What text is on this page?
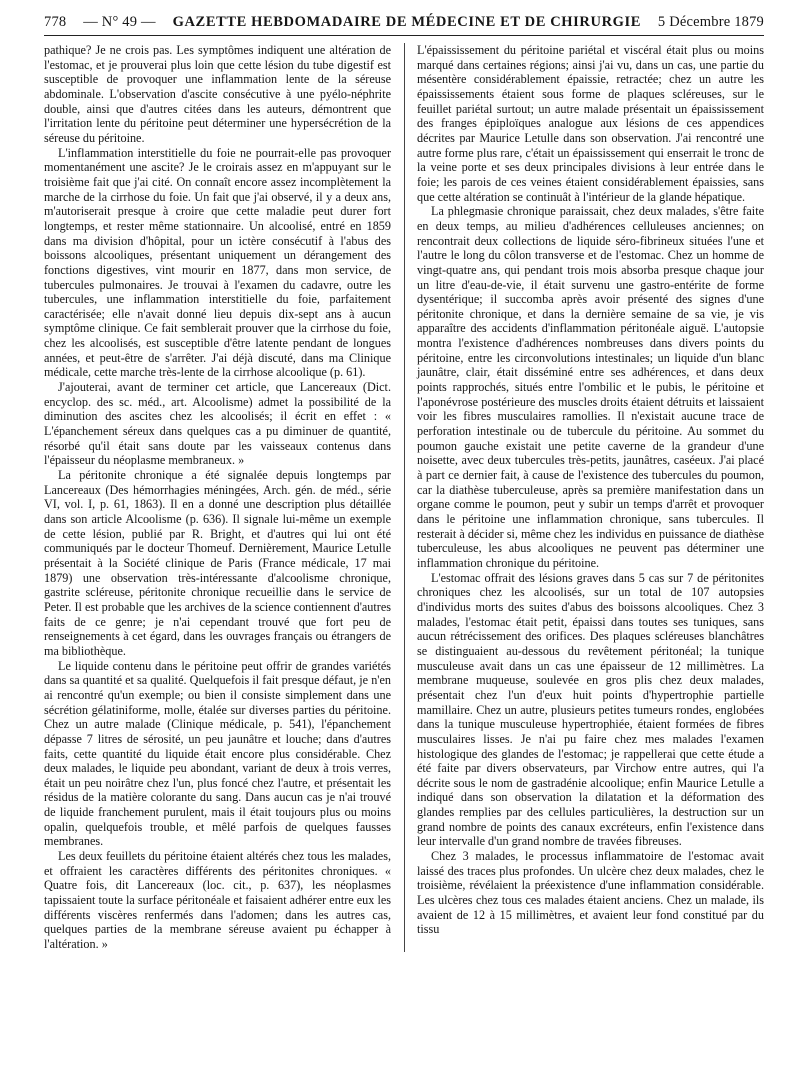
778 — N° 49 — GAZETTE HEBDOMADAIRE DE MÉDECINE ET DE CHIRURGIE 5 Décembre 1879

pathique? Je ne crois pas. Les symptômes indiquent une altération de l'estomac, et je prouverai plus loin que cette lésion du tube digestif est susceptible de provoquer une inflammation lente de la séreuse abdominale. L'observation d'ascite consécutive à une pyélo-néphrite double, ainsi que d'autres citées dans les auteurs, démontrent que l'irritation lente du péritoine peut déterminer une hypersécrétion de la séreuse du péritoine.

L'inflammation interstitielle du foie ne pourrait-elle pas provoquer momentanément une ascite? Je le croirais assez en m'appuyant sur le troisième fait que j'ai cité. On connaît encore assez incomplètement la marche de la cirrhose du foie. Un fait que j'ai observé, il y a deux ans, m'autoriserait presque à croire que cette maladie peut durer fort longtemps, et rester même stationnaire. Un alcoolisé, entré en 1859 dans ma division d'hôpital, pour un ictère consécutif à l'abus des boissons alcooliques, présentant uniquement un dérangement des fonctions digestives, vint mourir en 1877, dans mon service, de tubercules pulmonaires. Je trouvai à l'examen du cadavre, outre les tubercules, une inflammation interstitielle du foie, parfaitement caractérisée; elle n'avait donné lieu depuis dix-sept ans à aucun symptôme clinique. Ce fait semblerait prouver que la cirrhose du foie, chez les alcoolisés, est susceptible d'être latente pendant de longues années, et peut-être de s'arrêter. J'ai déjà discuté, dans ma Clinique médicale, cette marche très-lente de la cirrhose alcoolique (p. 61).

J'ajouterai, avant de terminer cet article, que Lancereaux (Dict. encyclop. des sc. méd., art. Alcoolisme) admet la possibilité de la diminution des ascites chez les alcoolisés; il écrit en effet : « L'épanchement séreux dans quelques cas a pu diminuer de quantité, résorbé qu'il était sans doute par les vaisseaux contenus dans l'épaisseur du néoplasme membraneux. »

La péritonite chronique a été signalée depuis longtemps par Lancereaux (Des hémorrhagies méningées, Arch. gén. de méd., série VI, vol. I, p. 61, 1863). Il en a donné une description plus détaillée dans son article Alcoolisme (p. 636). Il signale lui-même un exemple de cette lésion, publié par R. Bright, et d'autres qui lui ont été communiqués par le docteur Thomeuf. Dernièrement, Maurice Letulle présentait à la Société clinique de Paris (France médicale, 17 mai 1879) une observation très-intéressante d'alcoolisme chronique, gastrite scléreuse, péritonite chronique recueillie dans le service de Peter. Il est probable que les archives de la science contiennent d'autres faits de ce genre; je n'ai cependant trouvé que fort peu de renseignements à cet égard, dans les ouvrages français ou étrangers de ma bibliothèque.

Le liquide contenu dans le péritoine peut offrir de grandes variétés dans sa quantité et sa qualité. Quelquefois il fait presque défaut, je n'en ai rencontré qu'un exemple; ou bien il consiste simplement dans une sécrétion gélatiniforme, molle, étalée sur diverses parties du péritoine. Chez un autre malade (Clinique médicale, p. 541), l'épanchement dépasse 7 litres de sérosité, un peu jaunâtre et louche; dans d'autres faits, cette quantité du liquide était encore plus considérable. Chez deux malades, le liquide peu abondant, variant de deux à trois verres, était un peu noirâtre chez l'un, plus foncé chez l'autre, et présentait les résidus de la matière colorante du sang. Dans aucun cas je n'ai trouvé de liquide franchement purulent, mais il était toujours plus ou moins opalin, quelquefois trouble, et mêlé parfois de quelques fausses membranes.

Les deux feuillets du péritoine étaient altérés chez tous les malades, et offraient les caractères différents des péritonites chroniques. « Quatre fois, dit Lancereaux (loc. cit., p. 637), les néoplasmes tapissaient toute la surface péritonéale et faisaient adhérer entre eux les différents viscères renfermés dans l'adomen; dans les autres cas, quelques parties de la membrane séreuse avaient pu échapper à l'altération. »

L'épaississement du péritoine pariétal et viscéral était plus ou moins marqué dans certaines régions; ainsi j'ai vu, dans un cas, une partie du mésentère considérablement épaissie, retractée; chez un autre les épaississements étaient sous forme de plaques scléreuses, sur le feuillet pariétal surtout; un autre malade présentait un épaississement des franges épiploïques analogue aux lésions de ces appendices décrites par Maurice Letulle dans son observation. J'ai rencontré une autre forme plus rare, c'était un épaississement qui enserrait le tronc de la veine porte et ses deux principales divisions à leur entrée dans le foie; les parois de ces veines étaient considérablement épaissies, sans que cette altération se continuât à l'intérieur de la glande hépatique.

La phlegmasie chronique paraissait, chez deux malades, s'être faite en deux temps, au milieu d'adhérences celluleuses anciennes; on rencontrait deux collections de liquide séro-fibrineux situées l'une et l'autre le long du côlon transverse et de l'estomac. Chez un homme de vingt-quatre ans, qui pendant trois mois absorba presque chaque jour un litre d'eau-de-vie, il était survenu une gastro-entérite de forme dysentérique; il succomba après avoir présenté des signes d'une péritonite chronique, et dans la dernière semaine de sa vie, je vis apparaître des accidents d'inflammation péritonéale aiguë. L'autopsie montra l'existence d'adhérences nombreuses dans divers points du péritoine, entre les circonvolutions intestinales; un liquide d'un blanc jaunâtre, clair, était disséminé entre ses adhérences, et dans deux points rapprochés, situés entre l'ombilic et le pubis, le péritoine et l'aponévrose postérieure des muscles droits étaient détruits et laissaient voir les fibres musculaires ramollies. Il n'existait aucune trace de perforation intestinale ou de tubercule du péritoine. Au sommet du poumon gauche existait une petite caverne de la grandeur d'une noisette, avec deux tubercules très-petits, jaunâtres, caséeux. J'ai placé à part ce dernier fait, à cause de l'existence des tubercules du poumon, car la diathèse tuberculeuse, après sa première manifestation dans un organe comme le poumon, peut y subir un temps d'arrêt et provoquer dans le péritoine une inflammation chronique, sans tubercules. Il resterait à décider si, même chez les individus en puissance de diathèse tuberculeuse, les abus alcooliques ne peuvent pas déterminer une inflammation chronique du péritoine.

L'estomac offrait des lésions graves dans 5 cas sur 7 de péritonites chroniques chez les alcoolisés, sur un total de 107 autopsies d'individus morts des suites d'abus des boissons alcooliques. Chez 3 malades, l'estomac était petit, épaissi dans toutes ses tuniques, sans aucun rétrécissement des orifices. Des plaques scléreuses blanchâtres se distinguaient au-dessous du revêtement péritonéal; la tunique musculeuse avait dans un cas une épaisseur de 12 millimètres. La membrane muqueuse, soulevée en gros plis chez deux malades, présentait chez l'un d'eux huit points d'hypertrophie partielle mamillaire. Chez un autre, plusieurs petites tumeurs rondes, englobées dans la tunique musculeuse hypertrophiée, étaient formées de fibres musculaires lisses. Je n'ai pu faire chez mes malades l'examen histologique des glandes de l'estomac; je rappellerai que cette étude a été faite par divers observateurs, par Virchow entre autres, qui l'a décrite sous le nom de gastradénie alcoolique; enfin Maurice Letulle a indiqué dans son observation la dilatation et la déformation des glandes remplies par des cellules particulières, la destruction sur un grand nombre de points des canaux excréteurs, enfin l'existence dans leur intervalle d'un grand nombre de travées fibreuses.

Chez 3 malades, le processus inflammatoire de l'estomac avait laissé des traces plus profondes. Un ulcère chez deux malades, chez le troisième, révélaient la préexistence d'une inflammation considérable. Les ulcères chez tous ces malades étaient anciens. Chez un malade, ils avaient de 12 à 15 millimètres, et avaient leur fond constitué par du tissu
